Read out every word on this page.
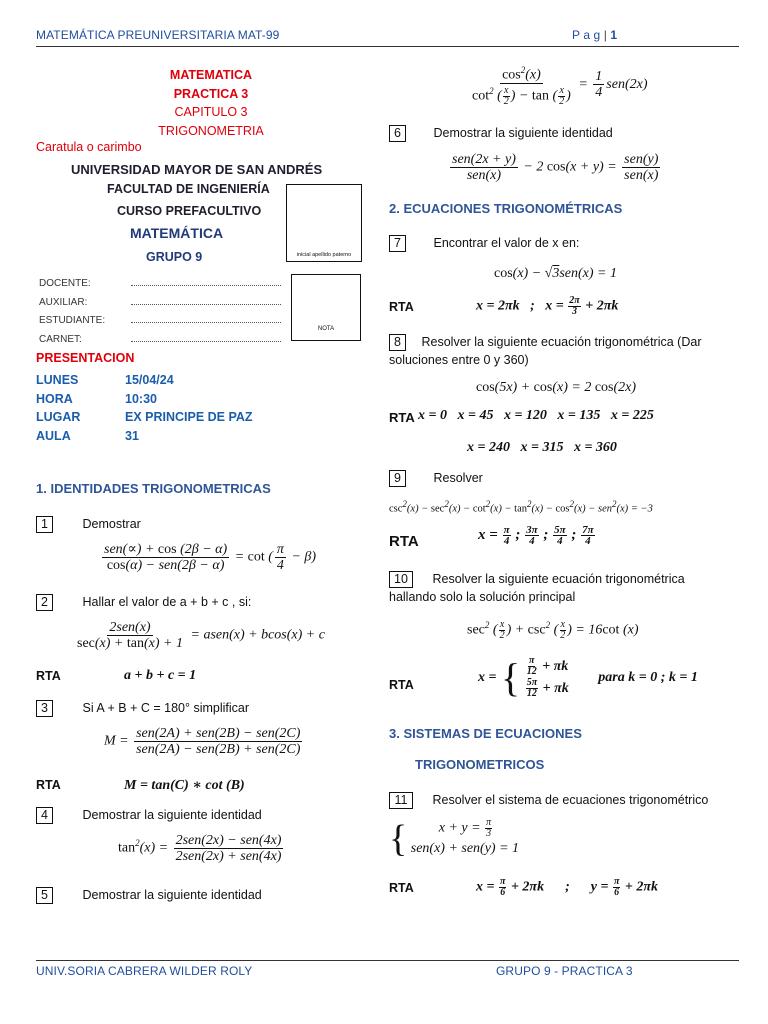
MATEMÁTICA PREUNIVERSITARIA MAT-99	P a g | 1
MATEMATICA
PRACTICA 3
CAPITULO 3
TRIGONOMETRIA
Caratula o carimbo
UNIVERSIDAD MAYOR DE SAN ANDRÉS
FACULTAD DE INGENIERÍA
CURSO PREFACULTIVO
MATEMÁTICA
GRUPO 9	inicial apellido paterno
NOTA
DOCENTE:
AUXILIAR:
ESTUDIANTE:
CARNET:
PRESENTACION
LUNES	15/04/24
HORA	10:30
LUGAR	EX PRINCIPE DE PAZ
AULA	31
1. IDENTIDADES TRIGONOMETRICAS
1	Demostrar
$\frac{\text{sen(∝) + cos (2β − α)}}{\text{cos(α) − sen(2β − α)}} = \cot$ ( $\frac{\pi}{4} - \beta$)
2	Hallar el valor de a + b + c , si:
$\frac{\text{2sen(x)}}{\sec(x) + \tan(x) + 1}$ = asen(x) + bcos(x) + c
RTA	a + b + c = 1
3	Si A + B + C = 180° simplificar
$M = \frac{\text{sen(2A) + sen(2B) − sen(2C)}}{\text{sen(2A) − sen(2B) + sen(2C)}}$
RTA	M = tan(C) ∗ cot (B)
4	Demostrar la siguiente identidad
$\tan^2(x) = \frac{\text{2sen(2x) − sen(4x)}}{\text{2sen(2x) + sen(4x)}}$
5	Demostrar la siguiente identidad
$\frac{\cos^2(x)}{\cot^2 ( \frac{x}{2} ) - \tan ( \frac{x}{2} )} = \frac{1}{4} sen(2x)$
6	Demostrar la siguiente identidad
$\frac{\text{sen(2x + y)}}{\text{sen(x)}} - 2$ $\cos(x + y) = \frac{\text{sen(y)}}{\text{sen(x)}}$
2. ECUACIONES TRIGONOMÉTRICAS
7	Encontrar el valor de x en:
cos(x) − √3sen(x) = 1
RTA	x = 2πk   ;   $x = \frac{2\pi}{3} + 2\pi k$
8 Resolver la siguiente ecuación trigonométrica (Dar
soluciones entre 0 y 360)
cos(5x) + cos(x) = 2 cos(2x)
RTA x = 0   x = 45   x = 120   x = 135   x = 225
x = 240   x = 315   x = 360
9	Resolver
$\csc^2(x) - \sec^2(x) - \cot^2(x) - \tan^2(x) - \cos^2(x) - sen^2(x) = -3$
RTA	$x = \frac{\pi}{4}$ ; $\frac{3\pi}{4}$ ; $\frac{5\pi}{4}$ ; $\frac{7\pi}{4}$
10 Resolver la siguiente ecuación trigonométrica
hallando solo la solución principal
$\sec^2$ ( $\frac{x}{2}$ ) + $\csc^2$ ( $\frac{x}{2}$ ) = 16cot (x)
RTA	x = { $\frac{\pi}{12} + \pi k$
$\frac{5\pi}{12} + \pi k$
para k = 0 ; k = 1
3. SISTEMAS DE ECUACIONES
TRIGONOMETRICOS
11 Resolver el sistema de ecuaciones trigonométrico
{	$x + y = \frac{\pi}{3}$
sen(x) + sen(y) = 1
RTA	$x = \frac{\pi}{6} + 2\pi k$      ;      $y = \frac{\pi}{6} + 2\pi k$
UNIV.SORIA CABRERA WILDER ROLY	GRUPO 9 - PRACTICA 3
